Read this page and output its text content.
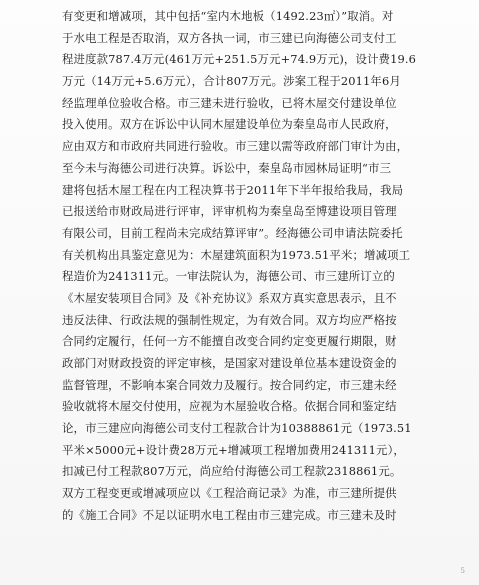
有变更和增减项，其中包括“室内木地板（1492.23㎡）”取消。对
于水电工程是否取消，双方各执一词，市三建已向海德公司支付工
程进度款787.4万元(461万元+251.5万元+74.9万元)，设计费19.6
万元（14万元+5.6万元），合计807万元。涉案工程于2011年6月
经监理单位验收合格。市三建未进行验收，已将木屋交付建设单位
投入使用。双方在诉讼中认同木屋建设单位为秦皇岛市人民政府，
应由双方和市政府共同进行验收。市三建以需等政府部门审计为由，
至今未与海德公司进行决算。诉讼中，秦皇岛市园林局证明“市三
建将包括木屋工程在内工程决算书于2011年下半年报给我局，我局
已报送给市财政局进行评审，评审机构为秦皇岛至博建设项目管理
有限公司，目前工程尚未完成结算评审”。经海德公司申请法院委托
有关机构出具鉴定意见为：木屋建筑面积为1973.51平米；增减项工
程造价为241311元。一审法院认为，海德公司、市三建所订立的
《木屋安装项目合同》及《补充协议》系双方真实意思表示，且不
违反法律、行政法规的强制性规定，为有效合同。双方均应严格按
合同约定履行，任何一方不能擅自改变合同约定变更履行期限，财
政部门对财政投资的评定审核，是国家对建设单位基本建设资金的
监督管理，不影响本案合同效力及履行。按合同约定，市三建未经
验收就将木屋交付使用，应视为木屋验收合格。依据合同和鉴定结
论，市三建应向海德公司支付工程款合计为10388861元（1973.51
平米×5000元+设计费28万元+增减项工程增加费用241311元），
扣减已付工程款807万元，尚应给付海德公司工程款2318861元。
双方工程变更或增减项应以《工程洽商记录》为准，市三建所提供
的《施工合同》不足以证明水电工程由市三建完成。市三建未及时
5
